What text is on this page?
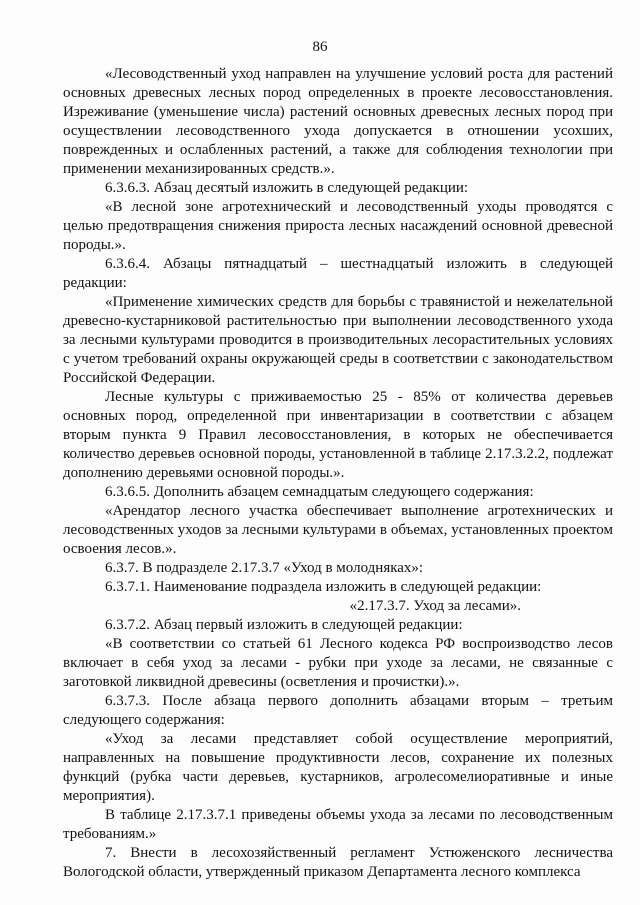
86

«Лесоводственный уход направлен на улучшение условий роста для растений основных древесных лесных пород определенных в проекте лесовосстановления. Изреживание (уменьшение числа) растений основных древесных лесных пород при осуществлении лесоводственного ухода допускается в отношении усохших, поврежденных и ослабленных растений, а также для соблюдения технологии при применении механизированных средств.».

6.3.6.3. Абзац десятый изложить в следующей редакции:

«В лесной зоне агротехнический и лесоводственный уходы проводятся с целью предотвращения снижения прироста лесных насаждений основной древесной породы.».

6.3.6.4. Абзацы пятнадцатый – шестнадцатый изложить в следующей редакции:

«Применение химических средств для борьбы с травянистой и нежелательной древесно-кустарниковой растительностью при выполнении лесоводственного ухода за лесными культурами проводится в производительных лесорастительных условиях с учетом требований охраны окружающей среды в соответствии с законодательством Российской Федерации.

Лесные культуры с приживаемостью 25 - 85% от количества деревьев основных пород, определенной при инвентаризации в соответствии с абзацем вторым пункта 9 Правил лесовосстановления, в которых не обеспечивается количество деревьев основной породы, установленной в таблице 2.17.3.2.2, подлежат дополнению деревьями основной породы.».

6.3.6.5. Дополнить абзацем семнадцатым следующего содержания:

«Арендатор лесного участка обеспечивает выполнение агротехнических и лесоводственных уходов за лесными культурами в объемах, установленных проектом освоения лесов.».

6.3.7. В подразделе 2.17.3.7 «Уход в молодняках»:

6.3.7.1. Наименование подраздела изложить в следующей редакции:

«2.17.3.7. Уход за лесами».

6.3.7.2. Абзац первый изложить в следующей редакции:

«В соответствии со статьей 61 Лесного кодекса РФ воспроизводство лесов включает в себя уход за лесами - рубки при уходе за лесами, не связанные с заготовкой ликвидной древесины (осветления и прочистки).».

6.3.7.3. После абзаца первого дополнить абзацами вторым – третьим следующего содержания:

«Уход за лесами представляет собой осуществление мероприятий, направленных на повышение продуктивности лесов, сохранение их полезных функций (рубка части деревьев, кустарников, агролесомелиоративные и иные мероприятия).

В таблице 2.17.3.7.1 приведены объемы ухода за лесами по лесоводственным требованиям.»

7. Внести в лесохозяйственный регламент Устюженского лесничества Вологодской области, утвержденный приказом Департамента лесного комплекса
